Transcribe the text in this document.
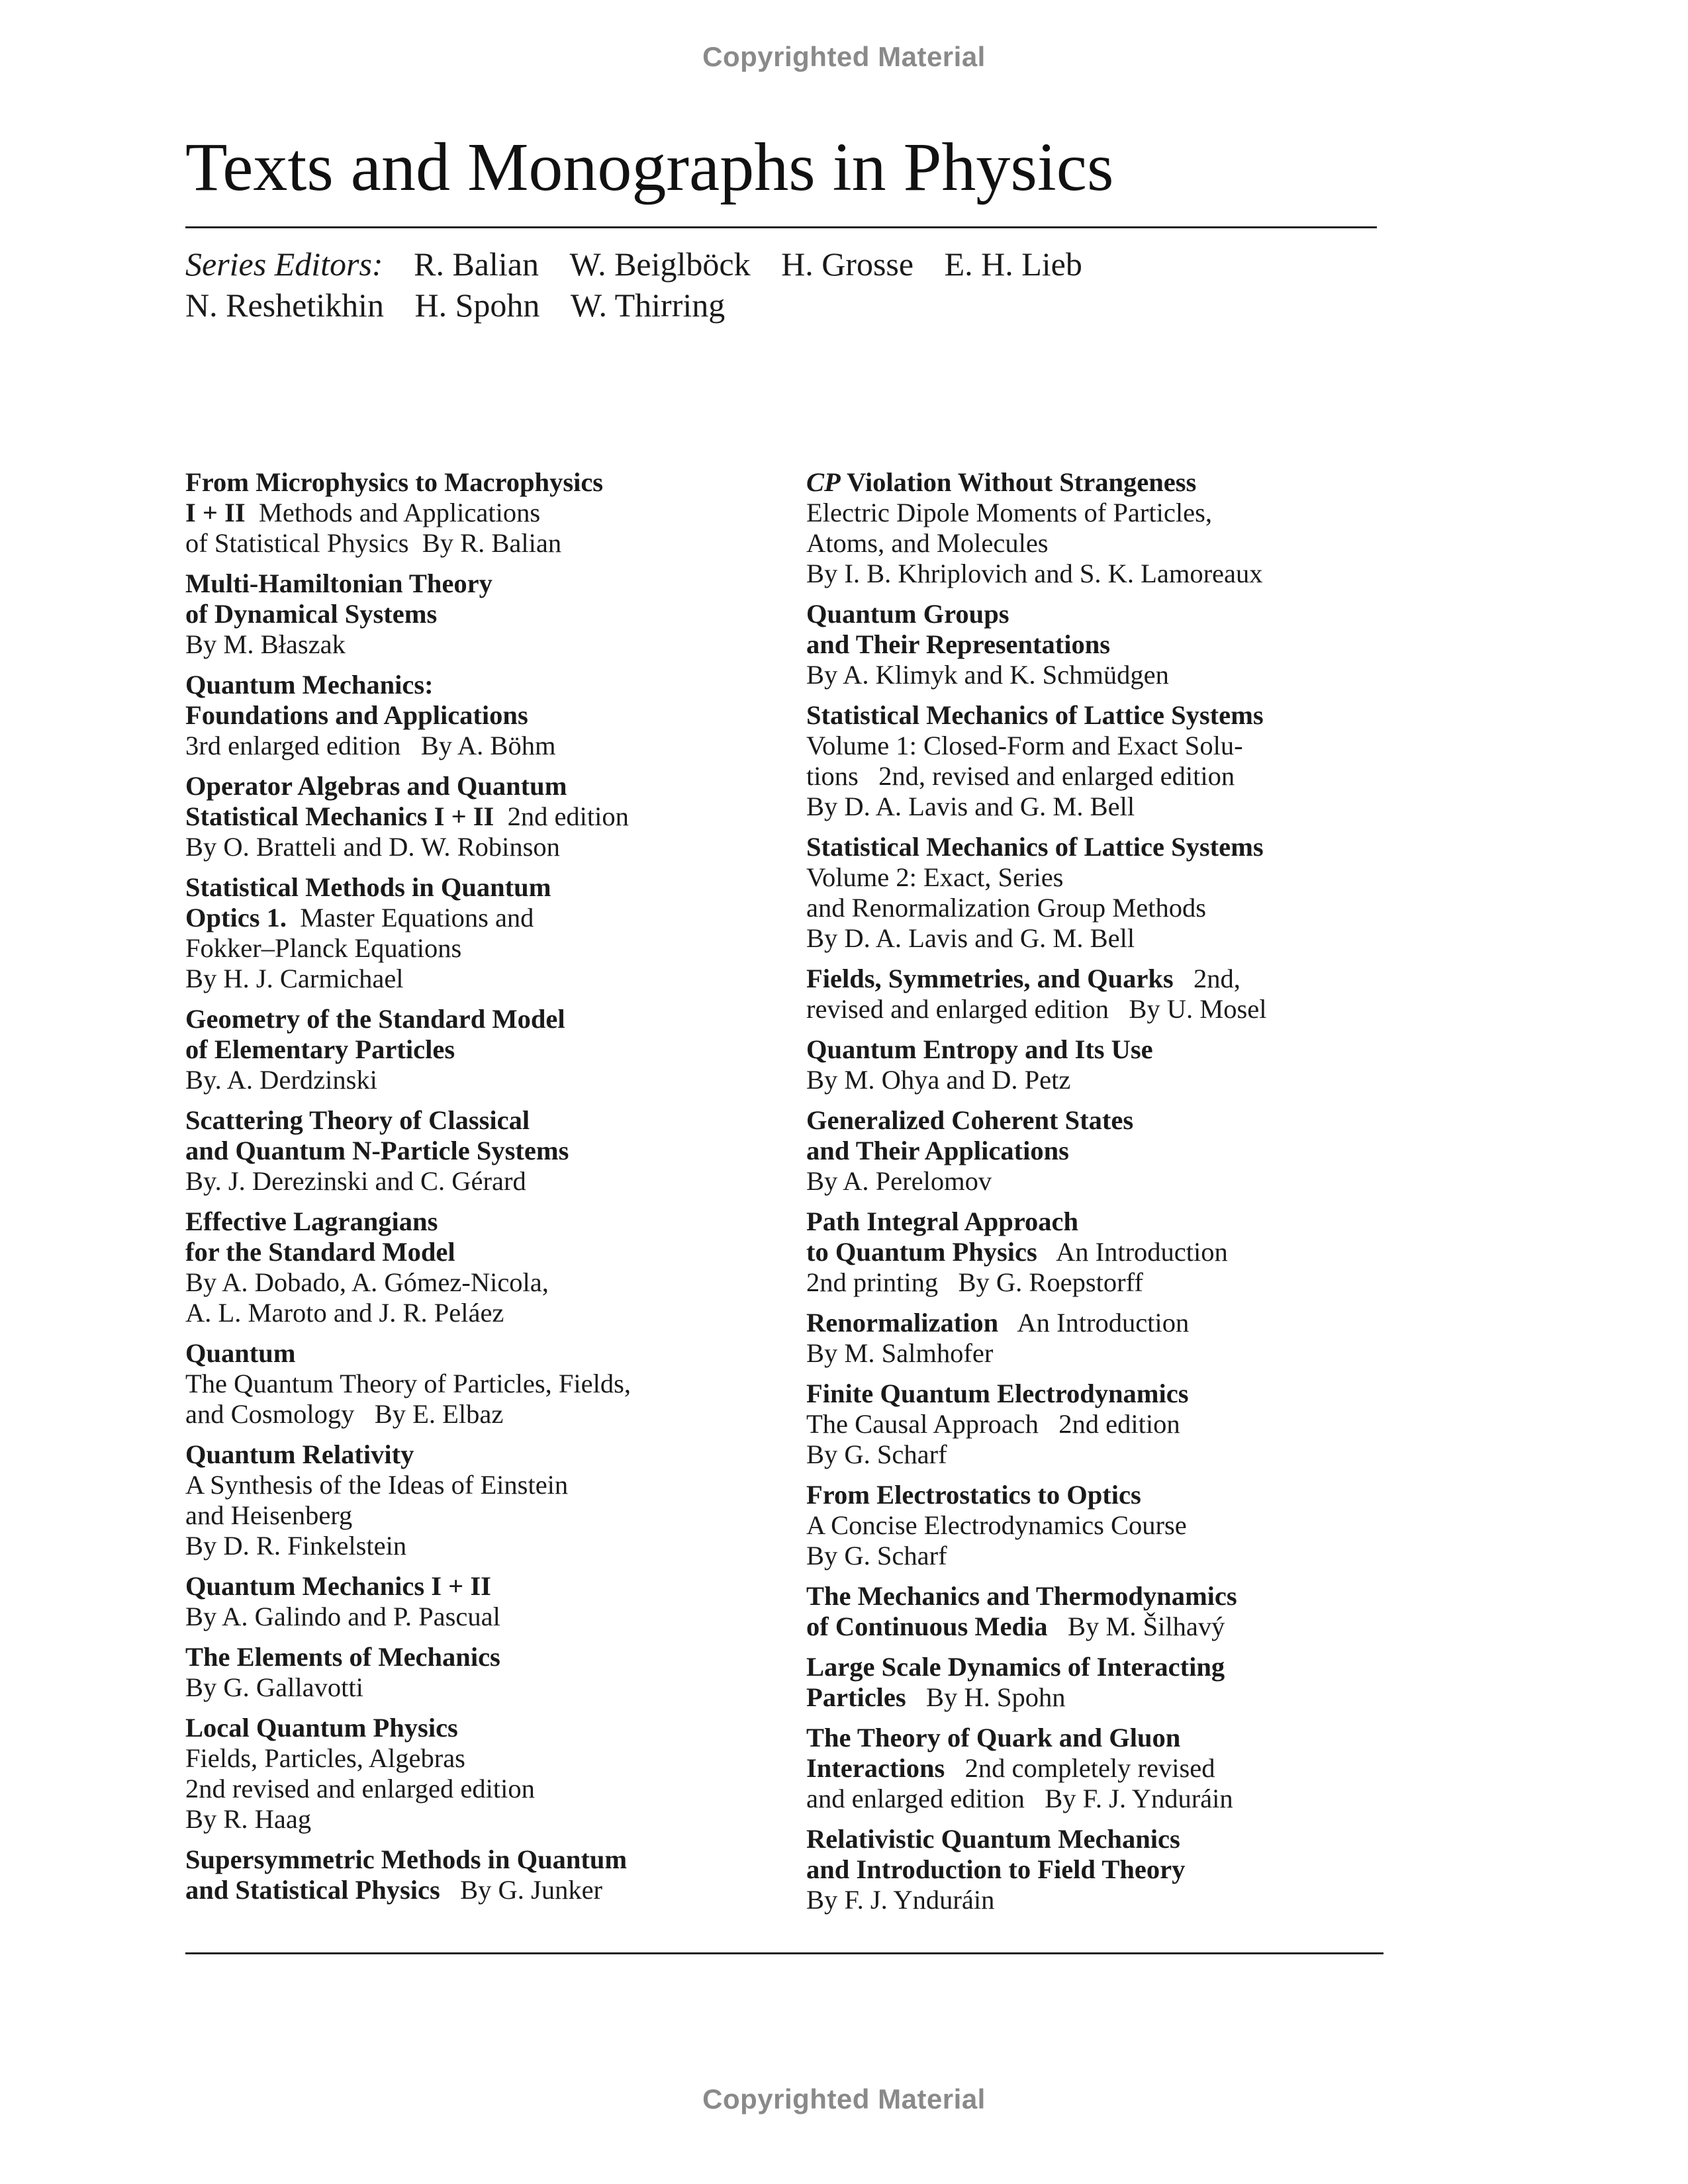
Copyrighted Material
Texts and Monographs in Physics
Series Editors: R. Balian W. Beiglböck H. Grosse E. H. Lieb
N. Reshetikhin H. Spohn W. Thirring
From Microphysics to Macrophysics
I + II  Methods and Applications
of Statistical Physics  By R. Balian
Multi-Hamiltonian Theory
of Dynamical Systems
By M. Błaszak
Quantum Mechanics:
Foundations and Applications
3rd enlarged edition   By A. Böhm
Operator Algebras and Quantum
Statistical Mechanics I + II  2nd edition
By O. Bratteli and D. W. Robinson
Statistical Methods in Quantum
Optics 1.  Master Equations and
Fokker–Planck Equations
By H. J. Carmichael
Geometry of the Standard Model
of Elementary Particles
By. A. Derdzinski
Scattering Theory of Classical
and Quantum N-Particle Systems
By. J. Derezinski and C. Gérard
Effective Lagrangians
for the Standard Model
By A. Dobado, A. Gómez-Nicola,
A. L. Maroto and J. R. Peláez
Quantum
The Quantum Theory of Particles, Fields,
and Cosmology   By E. Elbaz
Quantum Relativity
A Synthesis of the Ideas of Einstein
and Heisenberg
By D. R. Finkelstein
Quantum Mechanics I + II
By A. Galindo and P. Pascual
The Elements of Mechanics
By G. Gallavotti
Local Quantum Physics
Fields, Particles, Algebras
2nd revised and enlarged edition
By R. Haag
Supersymmetric Methods in Quantum
and Statistical Physics   By G. Junker
CP Violation Without Strangeness
Electric Dipole Moments of Particles,
Atoms, and Molecules
By I. B. Khriplovich and S. K. Lamoreaux
Quantum Groups
and Their Representations
By A. Klimyk and K. Schmüdgen
Statistical Mechanics of Lattice Systems
Volume 1: Closed-Form and Exact Solu-
tions   2nd, revised and enlarged edition
By D. A. Lavis and G. M. Bell
Statistical Mechanics of Lattice Systems
Volume 2: Exact, Series
and Renormalization Group Methods
By D. A. Lavis and G. M. Bell
Fields, Symmetries, and Quarks   2nd,
revised and enlarged edition   By U. Mosel
Quantum Entropy and Its Use
By M. Ohya and D. Petz
Generalized Coherent States
and Their Applications
By A. Perelomov
Path Integral Approach
to Quantum Physics   An Introduction
2nd printing   By G. Roepstorff
Renormalization   An Introduction
By M. Salmhofer
Finite Quantum Electrodynamics
The Causal Approach   2nd edition
By G. Scharf
From Electrostatics to Optics
A Concise Electrodynamics Course
By G. Scharf
The Mechanics and Thermodynamics
of Continuous Media   By M. Šilhavý
Large Scale Dynamics of Interacting
Particles   By H. Spohn
The Theory of Quark and Gluon
Interactions   2nd completely revised
and enlarged edition   By F. J. Ynduráin
Relativistic Quantum Mechanics
and Introduction to Field Theory
By F. J. Ynduráin
Copyrighted Material
